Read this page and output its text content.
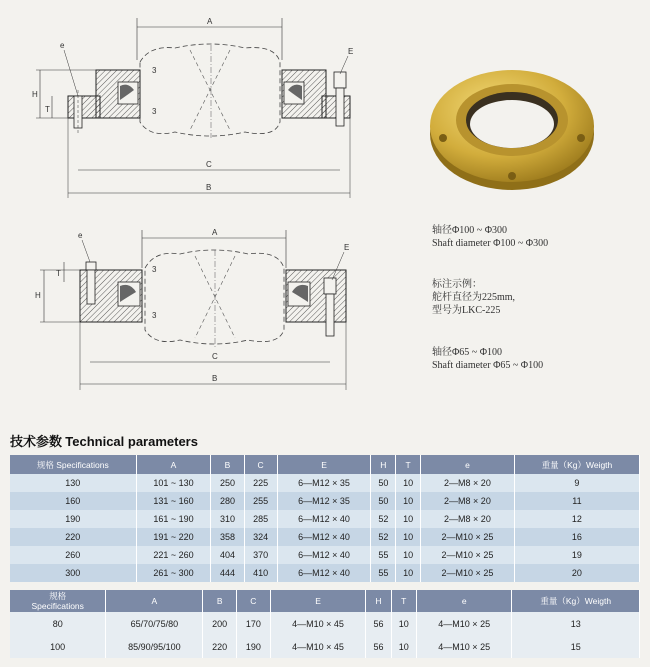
A
e
E
3
3
H
T
C
B
A
e
E
3
3
H
T
C
B
轴径Φ100 ~ Φ300
Shaft diameter Φ100 ~ Φ300
标注示例：
舵杆直径为225mm,
型号为LKC-225
轴径Φ65 ~ Φ100
Shaft diameter Φ65 ~ Φ100
技术参数 Technical parameters
规格 Specifications	A	B	C	E	H	T	e	重量（Kg）Weigth
130	101 ~ 130	250	225	6—M12 × 35	50	10	2—M8 × 20	9
160	131 ~ 160	280	255	6—M12 × 35	50	10	2—M8 × 20	11
190	161 ~ 190	310	285	6—M12 × 40	52	10	2—M8 × 20	12
220	191 ~ 220	358	324	6—M12 × 40	52	10	2—M10 × 25	16
260	221 ~ 260	404	370	6—M12 × 40	55	10	2—M10 × 25	19
300	261 ~ 300	444	410	6—M12 × 40	55	10	2—M10 × 25	20
规格
Specifications	A	B	C	E	H	T	e	重量（Kg）Weigth
80	65/70/75/80	200	170	4—M10 × 45	56	10	4—M10 × 25	13
100	85/90/95/100	220	190	4—M10 × 45	56	10	4—M10 × 25	15
